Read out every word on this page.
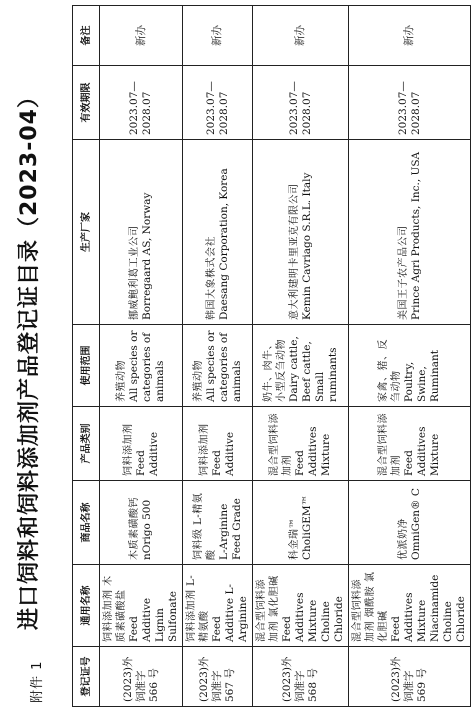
附件 1
进口饲料和饲料添加剂产品登记证目录（2023-04）
登记证号	通用名称	商品名称	产品类别	使用范围	生产厂家	有效期限	备注
(2023)外饲准字 566 号	饲料添加剂 木质素磺酸盐 Feed Additive Lignin Sulfonate	木质素磺酸钙 nOrigo 500	饲料添加剂 Feed Additive	养殖动物 All species or categories of animals	挪威鲍利葛工业公司 Borregaard AS, Norway	2023.07—2028.07	新办
(2023)外饲准字 567 号	饲料添加剂 L-精氨酸 Feed Additive L-Arginine	饲料级 L-精氨酸 L-Arginine Feed Grade	饲料添加剂 Feed Additive	养殖动物 All species or categories of animals	韩国大象株式会社 Daesang Corporation, Korea	2023.07—2028.07	新办
(2023)外饲准字 568 号	混合型饲料添加剂 氯化胆碱 Feed Additives Mixture Choline Chloride	科金瑞™ CholiGEM™	混合型饲料添加剂 Feed Additives Mixture	奶牛、肉牛、小型反刍动物 Dairy cattle, Beef cattle, Small ruminants	意大利建明卡里亚克有限公司 Kemin Cavriago S.R.L. Italy	2023.07—2028.07	新办
(2023)外饲准字 569 号	混合型饲料添加剂 烟酰胺 氯化胆碱 Feed Additives Mixture Niacinamide Choline Chloride	优派奶净 OmniGen® C	混合型饲料添加剂 Feed Additives Mixture	家禽、猪、反刍动物 Poultry, Swine, Ruminant	美国王子农产品公司 Prince Agri Products, Inc., USA	2023.07—2028.07	新办
